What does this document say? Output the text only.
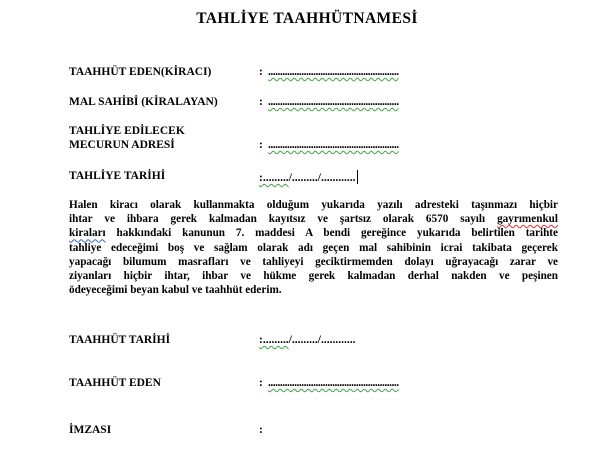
TAHLİYE TAAHHÜTNAMESİ
TAAHHÜT EDEN(KİRACI)	: .......................................................
MAL SAHİBİ (KİRALAYAN)	: .......................................................
TAHLİYE EDİLECEK
MECURUN ADRESİ	: .......................................................
TAHLİYE TARİHİ	:........./........./............
Halen kiracı olarak kullanmakta olduğum yukarıda yazılı adresteki taşınmazı hiçbir
ihtar ve ihbara gerek kalmadan kayıtsız ve şartsız olarak 6570 sayılı gayrımenkul
kiraları hakkındaki kanunun 7. maddesi A bendi gereğince yukarıda belirtilen tarihte
tahliye edeceğimi boş ve sağlam olarak adı geçen mal sahibinin icrai takibata geçerek
yapacağı bilumum masrafları ve tahliyeyi geciktirmemden dolayı uğrayacağı zarar ve
ziyanları hiçbir ihtar, ihbar ve hükme gerek kalmadan derhal nakden ve peşinen
ödeyeceğimi beyan kabul ve taahhüt ederim.
TAAHHÜT TARİHİ	:........./........./............
TAAHHÜT EDEN	: .......................................................
İMZASI	:
